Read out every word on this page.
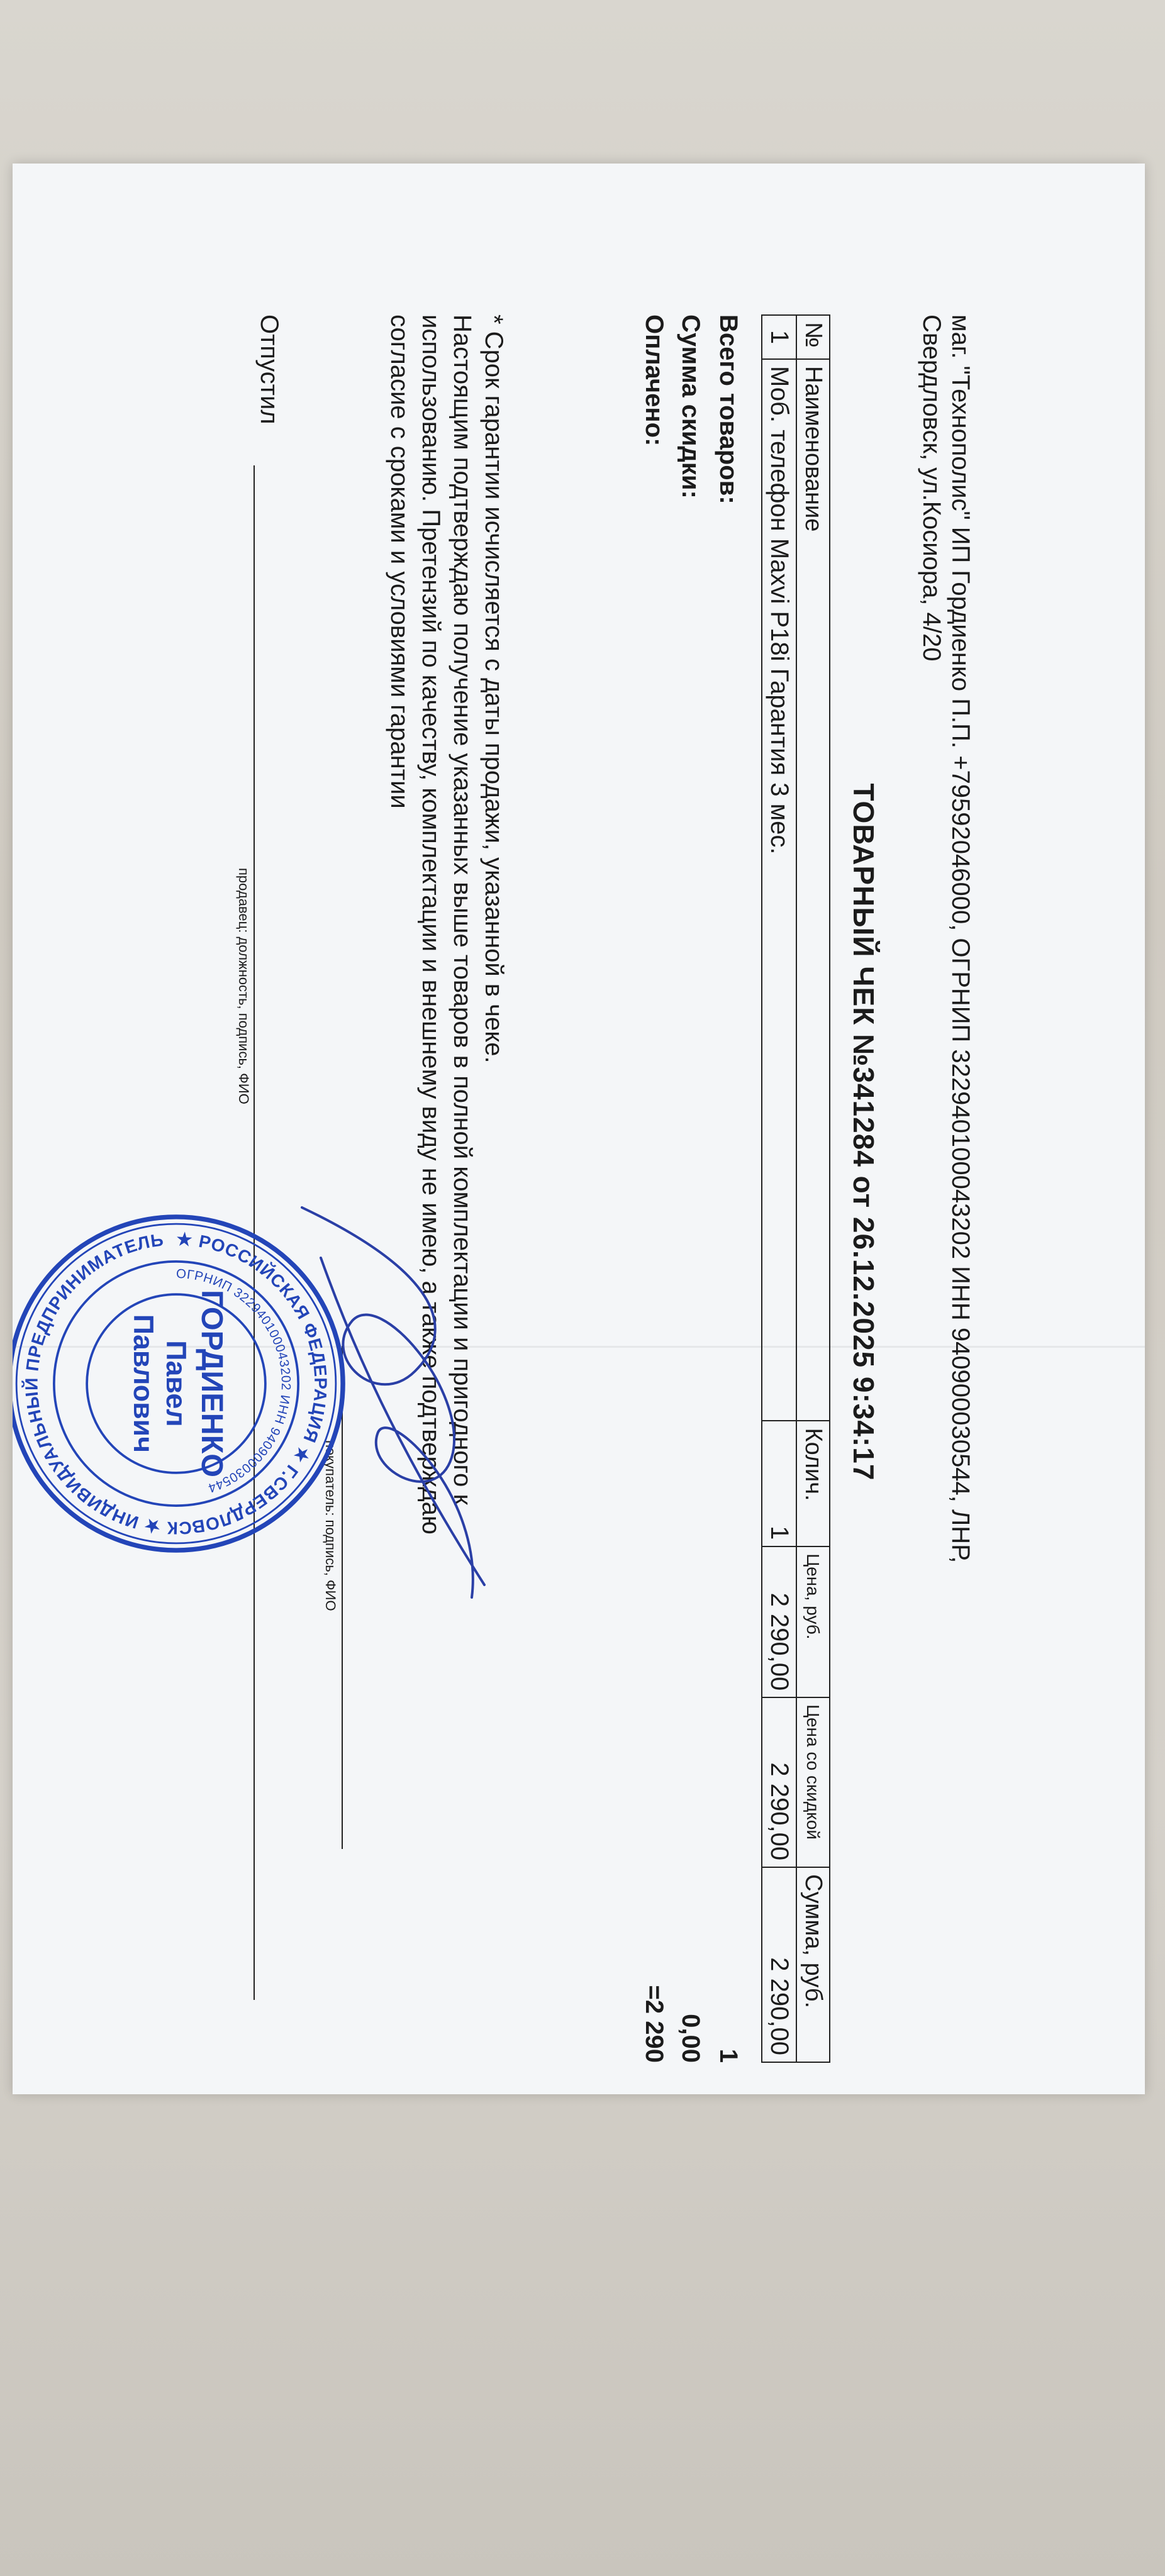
маг. "Технополис" ИП Гордиенко П.П. +79592046000, ОГРНИП 322940100043202 ИНН 940900030544, ЛНР,
Свердловск, ул.Косиора, 4/20
ТОВАРНЫЙ ЧЕК №341284 от 26.12.2025 9:34:17
№	Наименование	Колич.	Цена, руб.	Цена со скидкой	Сумма, руб.
1	Моб. телефон Maxvi P18i Гарантия 3 мес.	1	2 290,00	2 290,00	2 290,00
Всего товаров:
1
Сумма скидки:
0,00
Оплачено:
=2 290

* Срок гарантии исчисляется с даты продажи, указанной в чеке.

Настоящим подтверждаю получение указанных выше товаров в полной комплектации и пригодного к

использованию. Претензий по качеству, комплектации и внешнему виду не имею, а также подтверждаю

согласие с сроками и условиями гарантии

покупатель: подпись, ФИО
Отпустил
продавец: должность, подпись, ФИО
★ РОССИЙСКАЯ ФЕДЕРАЦИЯ ★ Г.СВЕРДЛОВСК ★ ИНДИВИДУАЛЬНЫЙ ПРЕДПРИНИМАТЕЛЬ
ОГРНИП 322940100043202 ИНН 940900030544
ГОРДИЕНКО
Павел
Павлович
